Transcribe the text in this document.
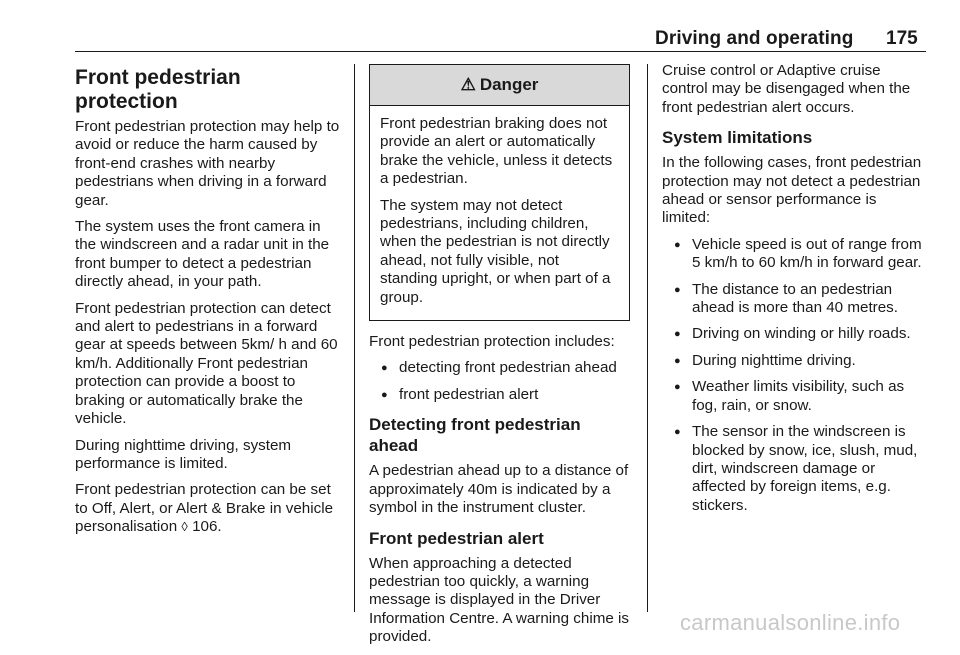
Driving and operating 175
Front pedestrian protection

Front pedestrian protection may help to avoid or reduce the harm caused by front-end crashes with nearby pedestrians when driving in a forward gear.

The system uses the front camera in the windscreen and a radar unit in the front bumper to detect a pedestrian directly ahead, in your path.

Front pedestrian protection can detect and alert to pedestrians in a forward gear at speeds between 5km/ h and 60 km/h. Additionally Front pedestrian protection can provide a boost to braking or automatically brake the vehicle.

During nighttime driving, system performance is limited.

Front pedestrian protection can be set to Off, Alert, or Alert & Brake in vehicle personalisation ◊ 106.

⚠ Danger

Front pedestrian braking does not provide an alert or automatically brake the vehicle, unless it detects a pedestrian.

The system may not detect pedestrians, including children, when the pedestrian is not directly ahead, not fully visible, not standing upright, or when part of a group.

Front pedestrian protection includes:

● detecting front pedestrian ahead
● front pedestrian alert
Detecting front pedestrian ahead

A pedestrian ahead up to a distance of approximately 40m is indicated by a symbol in the instrument cluster.

Front pedestrian alert

When approaching a detected pedestrian too quickly, a warning message is displayed in the Driver Information Centre. A warning chime is provided.

Cruise control or Adaptive cruise control may be disengaged when the front pedestrian alert occurs.

System limitations

In the following cases, front pedestrian protection may not detect a pedestrian ahead or sensor performance is limited:

● Vehicle speed is out of range from 5 km/h to 60 km/h in forward gear.
● The distance to an pedestrian ahead is more than 40 metres.
● Driving on winding or hilly roads.
● During nighttime driving.
● Weather limits visibility, such as fog, rain, or snow.
● The sensor in the windscreen is blocked by snow, ice, slush, mud, dirt, windscreen damage or affected by foreign items, e.g. stickers.
carmanualsonline.info
